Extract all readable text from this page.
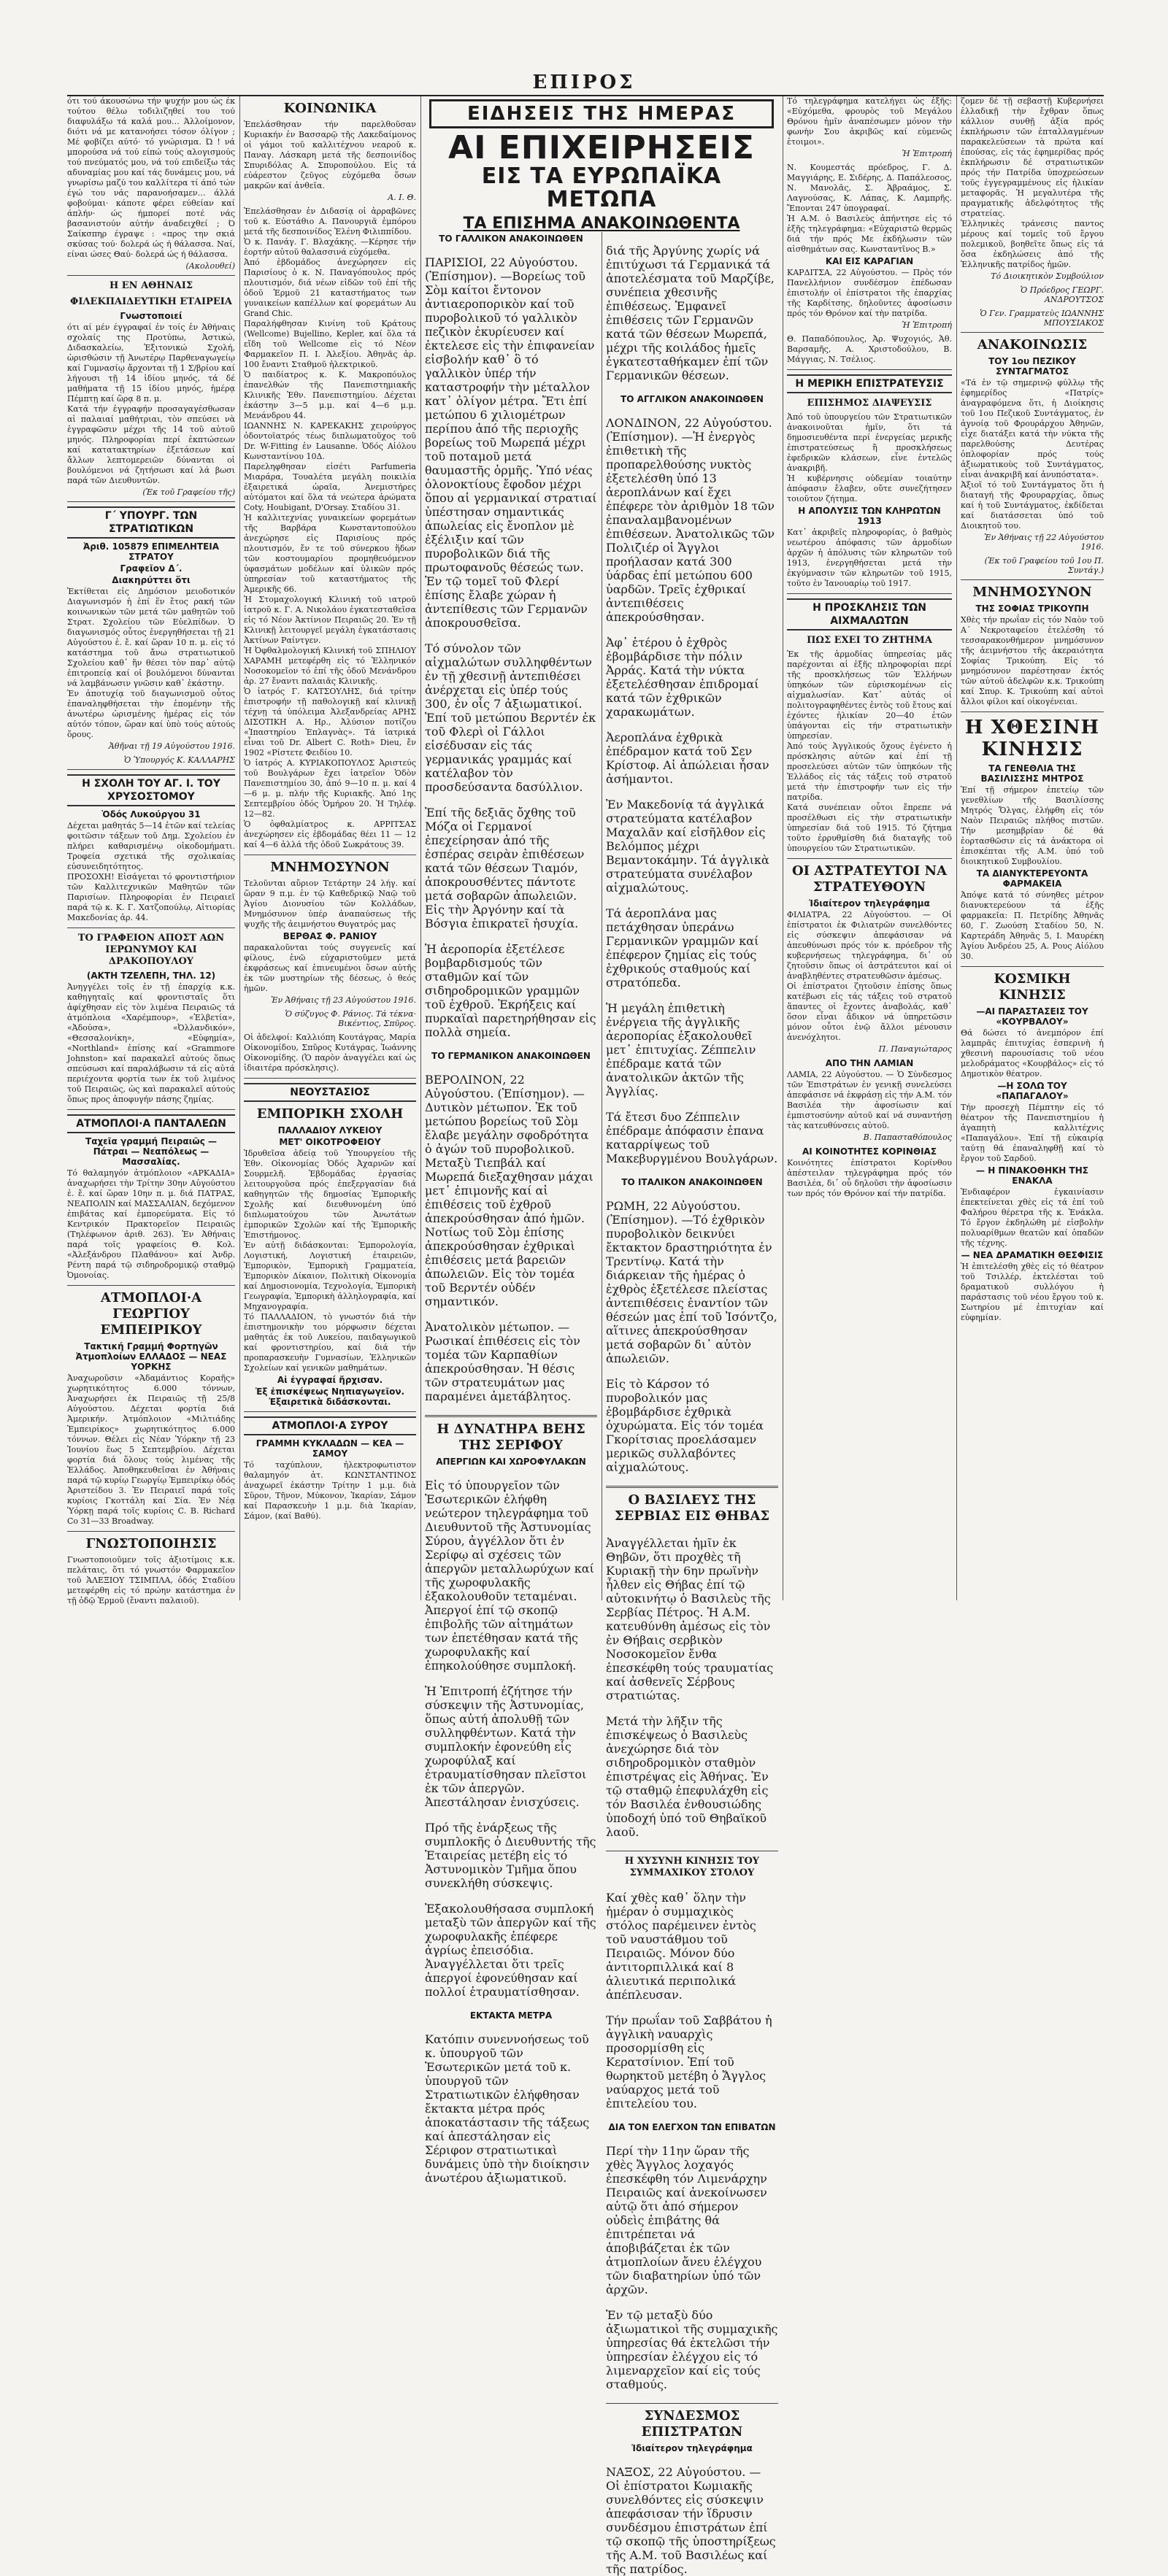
ΕΠΙΡΟΣ

ότι τού άκουσώνω τήν ψυχήν μου ώς έκ τούτου θέλω τοδιλιζηθεί του τού διαφυλάξω τά καλά μου… Άλλοίμονον, διότι νά με κατανοήσει τόσον όλίγον ; Μέ φοβίζει αύτό· τό γνώρισμα. Ώ ! νά μπορούσα νά τού είπώ τούς αλογισμούς τού πνεύματός μου, νά τού επιδείξω τάς αδυναμίας μου καί τάς δυνάμεις μου, νά γνωρίσω μαζύ του καλλίτερα τί άπό τών έγώ του νάς παρανοήσαμεν… άλλά φοβούμαι· κάποτε φέρει εύθείαν καί άπλήν· ώς ήμπορεί ποτέ νάς βασανιστούν αύτήν άναδειχθεί ; Ό Σαίκσπηρ έγραψε : «προς την σκιά σκύσας τού· δολερά ώς ή θάλασσα. Ναί, είναι ώσες Θαύ· δολερά ώς ή θάλασσα.

(Ακολουθεί)
Η ΕΝ ΑΘΗΝΑΙΣ
ΦΙΛΕΚΠΑΙΔΕΥΤΙΚΗ ΕΤΑΙΡΕΙΑ
Γνωστοποιεί

ότι αί μέν έγγραφαί ἐν τοίς ἐν Ἀθήναις σχολαίς της Προτύπω, Ἀστικώ, Διδασκαλείω, Ἐξιτονικώ Σχολή, ὡρισθώσιν τῇ Ἀνωτέρῳ Παρθεναγωγείῳ καί Γυμνασίῳ ἄρχονται τῇ 1 Σ/βρίου καί λήγουσι τῇ 14 ἰδίου μηνός, τά δέ μαθήματα τῇ 15 ἰδίου μηνός, ἡμέρᾳ Πέμπτῃ καί ὥρᾳ 8 π. μ.

Κατά τήν ἐγγραφήν προσαγαγέσθωσαν αἱ παλαιαί μαθήτριαι, τὸν σπεύσει νὰ ἐγγραφῶσιν μέχρι τῆς 14 τοῦ αὐτοῦ μηνός. Πληροφορίαι περί ἐκπτώσεων καί κατατακτηρίων ἐξετάσεων καί ἄλλων λεπτομερειῶν δύνανται οἱ βουλόμενοι νά ζητήσωσι καί λά βωσι παρά τῶν Διευθυντῶν.

(Ἐκ τοῦ Γραφείου τῆς)
Γ΄ ΥΠΟΥΡΓ. ΤΩΝ ΣΤΡΑΤΙΩΤΙΚΩΝ
Ἀριθ. 105879 ΕΠΙΜΕΛΗΤΕΙΑ ΣΤΡΑΤΟΥ
Γραφεῖον Δ΄.
Διακηρύττει ὅτι

Ἐκτίθεται εἰς Δημόσιον μειοδοτικόν Διαγωνισμόν ἡ ἐπί ἕν ἔτος ρακή τῶν κοινωνικών τῶν μετά τῶν μαθητῶν τοῦ Στρατ. Σχολείου τῶν Εὐελπίδων. Ὁ διαγωνισμός οὗτος ἐνεργηθήσεται τῇ 21 Αὐγούστου ἐ. ἔ. καί ὥραν 10 π. μ. εἰς τό κατάστημα τοῦ ἄνω στρατιωτικοῦ Σχολείου καθ᾽ ἥν θέσει τὸν παρ᾽ αὐτῷ ἐπιτροπείᾳ καί οἱ βουλόμενοι δύνανται νά λαμβάνωσιν γνῶσιν καθ᾽ ἑκάστην.

Ἐν ἀποτυχίᾳ τοῦ διαγωνισμοῦ οὗτος ἐπαναληφθήσεται τὴν ἐπομένην τῆς ἀνωτέρω ὡρισμένης ἡμέρας εἰς τόν αὐτόν τόπον, ὥραν καί ὑπὸ τούς αὐτούς ὅρους.

Ἀθῆναι τῇ 19 Αὐγούστου 1916.
Ὁ Ὑπουργός Κ. ΚΑΛΛΑΡΗΣ
Η ΣΧΟΛΗ ΤΟΥ ΑΓ. Ι. ΤΟΥ ΧΡΥΣΟΣΤΟΜΟΥ
Ὁδός Λυκούργου 31

Δέχεται μαθητάς 5—14 ἐτῶν καί τελείας φοιτῶσιν τάξεων τοῦ Δημ. Σχολείου ἐν πλήρει καθαρισμένῳ οἰκοδομήματι. Τροφεία σχετικά τῆς σχολικαίας εὐσυνειδητότητος.

ΠΡΟΣΟΧΗ! Εἰσάγεται τό φροντιστήριον τῶν Καλλιτεχνικῶν Μαθητῶν τῶν Παρισίων. Πληροφορίαι ἐν Πειραιεῖ παρά τῷ κ. Κ. Γ. Χατζοπούλῳ, Αἰτιορίας Μακεδονίας ἀρ. 44.

ΤΟ ΓΡΑΦΕΙΟΝ ΑΠΟΣΤ ΑΩΝ ΙΕΡΩΝΥΜΟΥ ΚΑΙ ΔΡΑΚΟΠΟΥΛΟΥ
(ΑΚΤΗ ΤΖΕΛΕΠΗ, ΤΗΛ. 12)

Ἀνηγγέλει τοῖς ἐν τῇ ἐπαρχίᾳ κ.κ. καθηγηταῖς καί φροντισταῖς ὅτι ἀφίχθησαν εἰς τὸν λιμένα Πειραιῶς τά ἀτμόπλοια «Χαρέμπουρ», «Ἐλβετία», «Ἀδούσα», «Ὀλλανδικόν», «Θεσσαλονίκη», «Εὐφημία», «Northland» ἐπίσης καί «Grammore Johnston» καί παρακαλεῖ αὐτούς ὅπως σπεύσωσι καί παραλάβωσιν τά εἰς αὐτά περιέχοντα φορτία των ἐκ τοῦ λιμένος τοῦ Πειραιῶς, ὡς καὶ παρακαλεῖ αὐτούς ὅπως προς ἀποφυγήν πάσης ζημίας.

ΑΤΜΟΠΛΟΙ·Α ΠΑΝΤΑΛΕΩΝ
Ταχεῖα γραμμή Πειραιῶς — Πάτραι — Νεαπόλεως — Μασσαλίας.

Τό θαλαμηγόν ἀτμόπλοιον «ΑΡΚΑΔΙΑ» ἀναχωρήσει τὴν Τρίτην 30ην Αὐγούστου ἐ. ἔ. καί ὥραν 10ην π. μ. διά ΠΑΤΡΑΣ, ΝΕΑΠΟΛΙΝ καί ΜΑΣΣΑΛΙΑΝ, δεχόμενον ἐπιβάτας καί ἐμπορεύματα. Εἰς τό Κεντρικόν Πρακτορεῖον Πειραιῶς (Τηλέφωνον ἀριθ. 263). Ἐν Ἀθήναις παρά τοῖς γραφείοις Θ. Κολ. «Ἀλεξάνδρου Πλαθάνου» καί Ἀνδρ. Ρέντη παρά τῷ σιδηροδρομικῷ σταθμῷ Ὀμονοίας.

ΑΤΜΟΠΛΟΙ·Α ΓΕΩΡΓΙΟΥ ΕΜΠΕΙΡΙΚΟΥ
Τακτική Γραμμή Φορτηγῶν Ἀτμοπλοίων ΕΛΛΑΔΟΣ — ΝΕΑΣ ΥΟΡΚΗΣ

Ἀναχωροῦσιν «Ἀδαμάντιος Κοραῆς» χωρητικότητος 6.000 τόννων, Ἀναχωρήσει ἐκ Πειραιῶς τῇ 25/8 Αὐγούστου. Δέχεται φορτία διά Ἀμερικήν. Ἀτμόπλοιον «Μιλτιάδης Ἐμπειρίκος» χωρητικότητος 6.000 τόννων. Θέλει εἰς Νέαν Ὑόρκην τῇ 23 Ἰουνίου ἕως 5 Σεπτεμβρίου. Δέχεται φορτία διά ὅλους τούς λιμένας τῆς Ἑλλάδος. Ἀποθηκευθεῖσαι ἐν Ἀθήναις παρά τῷ κυρίῳ Γεωργίῳ Ἐμπειρίκῳ ὁδός Ἀριστείδου 3. Ἐν Πειραιεῖ παρά τοῖς κυρίοις Γκοττάλη καί Σία. Ἐν Νέᾳ Ὑόρκῃ παρά τοῖς κυρίοις C. B. Richard Co 31—33 Broadway.

ΓΝΩΣΤΟΠΟΙΗΣΙΣ

Γνωστοποιοῦμεν τοῖς ἀξιοτίμοις κ.κ. πελάταις, ὅτι τό γνωστόν Φαρμακεῖον τοῦ ἉΛΕΞΙΟΥ ΤΣΙΜΠΛΑ, ὁδός Σταδίου μετεφέρθη εἰς τό πρώην κατάστημα ἐν τῇ ὁδῷ Ἑρμοῦ (ἔναντι παλαιοῦ).

ΚΟΙΝΩΝΙΚΑ

Ἐπελάσθησαν τήν παρελθοῦσαν Κυριακήν ἐν Βασσαρῷ τῆς Λακεδαίμονος οἱ γάμοι τοῦ καλλιτέχνου νεαροῦ κ. Παναγ. Λάσκαρη μετά τῆς δεσποινίδος Σπυριδόλας Α. Σπυροπούλου. Εἰς τά εὐάρεστον ζεῦγος εὐχόμεθα ὅσων μακρῶν καί ἀνθεῖα.

Α. Ι. Θ.

Ἐπελάσθησαν ἐν Διδασίᾳ οἱ ἀρραβῶνες τοῦ κ. Εὐστάθιο Α. Πανουργιᾶ ἐμπόρου μετά τῆς δεσποινίδος Ἑλένη Φιλιππίδου.

Ὁ κ. Πανάγ. Γ. Βλαχάκης. —Κέρησε τήν ἑορτήν αὐτοῦ θαλασσινά εὐχόμεθα.

Ἀπό ἑβδομάδος ἀνεχώρησεν εἰς Παρισίους ὁ κ. Ν. Παναγόπουλος πρός πλουτισμόν, διά νέων εἰδῶν τοῦ ἐπί τῆς ὁδοῦ Ἑρμοῦ 21 καταστήματος των γυναικείων καπέλλων καί φορεμάτων Au Grand Chic.

Παραλήφθησαν Κινίνη τοῦ Κράτους (Wellcome) Bujellino, Kepler, καί ὅλα τά εἴδη τοῦ Wellcome εἰς τό Νέον Φαρμακεῖον Π. Ι. Ἀλεξίου. Ἀθηνᾶς ἀρ. 100 ἔναντι Σταθμοῦ ἠλεκτρικοῦ.

Ὁ παιδίατρος κ. Κ. Μακροπόυλος ἐπανελθών τῆς Πανεπιστημιακῆς Κλινικῆς Ἐθν. Πανεπιστημίου. Δέχεται ἑκάστην 3—5 μ.μ. καί 4—6 μ.μ. Μενάνδρου 44.

ΙΩΑΝΝΗΣ Ν. ΚΑΡΕΚΑΚΗΣ χειρούργος ὀδοντοϊατρός τέως διπλωματοῦχος τοῦ Dr. W-Fitting ἐν Lausanne. Ὁδός Αἰόλου Κωνσταντίνου 10Δ.

Παρεληφθησαν εἰσέτι Parfumeria Μιαράρα, Τουαλέτα μεγάλη ποικιλία ἐξαιρετικά ὡραῖα, Ἀνεμιστήρες αὐτόματοι καί ὅλα τά νεώτερα ἀρώματα Coty, Houbigant, D'Orsay. Σταδίου 31.

Ἡ καλλιτεχνίας γυναικείων φορεμάτων τῆς Βαρβάρα Κωνσταντοπούλου ἀνεχώρησε εἰς Παρισίους πρός πλουτισμόν, ἔν τε τοῦ σύνερκου ἥδων τῶν κοστουμαρίου προμηθευόμενον ὑφασμάτων μοδέλων καί ὑλικῶν πρός ὑπηρεσίαν τοῦ καταστήματος τῆς Ἀμερικῆς 66.

Ἡ Στομαχολογική Κλινική τοῦ ιατροῦ ἰατροῦ κ. Γ. Α. Νικολάου ἐγκατεσταθεῖσα εἰς τό Νέον Ἀκτίνιον Πειραιῶς 20. Ἐν τῇ Κλινικῇ λειτουργεῖ μεγάλη ἐγκατάστασις Ἀκτίνων Ραίντγεν.

Ἡ Ὀφθαλμολογική Κλινική τοῦ ΣΠΗΛΙΟΥ ΧΑΡΑΜΗ μετεφέρθη εἰς τό Ἑλληνικόν Νοσοκομεῖον τό ἐπί τῆς ὁδοῦ Μενάνδρου ἀρ. 27 ἔναντι παλαιᾶς Κλινικῆς.

Ὁ ἰατρός Γ. ΚΑΤΣΟΥΛΗΣ, διά τρίτην ἐπιστροφήν τῇ παθολογικῇ καί κλινικῇ τέχνῃ τά ὑπόλειμα Ἀλεξανδρείας ΑΡΗΣ ΔΙΣΟΤΙΚΗ Α. Ηρ., Ἀλύσιον ποτίζου «Ἰπαστηρίου Ἐπλαγνὰς». Τά ἰατρικά εἶναι τοῦ Dr. Albert C. Roth» Dieu, ἔν 1902 «Ρίστετε Φειδίου 10.

Ὁ ἰατρός Α. ΚΥΡΙΑΚΟΠΟΥΛΟΣ Ἀριστεύς τοῦ Βουλγάρων ἔχει ἰατρεῖον Ὁδὸν Πανεπιστημίου 30, ἀπό 9—10 π. μ. καί 4—6 μ. μ. πλήν τῆς Κυριακῆς. Ἀπό 1ης Σεπτεμβρίου ὁδός Ὁμήρου 20. Ἡ Τηλέφ. 12—82.

Ὁ ὀφθαλμίατρος κ. ΑΡΡΙΤΣΑΣ ἀνεχώρησεν εἰς ἑβδομάδας θέει 11 — 12 καί 4—6 ἀλλά τῆς ὁδοῦ Σωκράτους 39.

ΜΝΗΜΟΣΥΝΟΝ

Τελοῦνται αὔριον Τετάρτην 24 λήγ. καί ὥραν 9 π.μ. ἐν τῷ Καθεδρικῷ Ναῷ τοῦ Ἀγίου Διονυσίου τῶν Κολλάδων, Μνημόσυνον ὑπέρ ἀναπαύσεως τῆς ψυχῆς τῆς ἀειμνήστου Θυγατρός μας

ΒΕΡΘΑΣ Φ. ΡΑΝΙΟΥ

παρακαλοῦνται τούς συγγενεῖς καί φίλους, ἐνῶ εὐχαριστοῦμεν μετά ἐκφράσεως καί ἐπινευμένοι ὅσων αὐτῆς ἐκ τῶν μυστηρίων τῆς δέσεως, ὁ θεός ἡμῶν.

Ἐν Ἀθήναις τῇ 23 Αὐγούστου 1916.
Ὁ σύζυγος Φ. Ράνιος. Τά τέκνα· Βικέντιος, Σπῦρος.

Οἱ ἀδελφοί: Καλλιόπη Κουτάγρας, Μαρία Οἰκονομίδου, Σπῦρος Κυτάγρας, Ἰωάννης Οἰκονομίδης. (Ὁ παρὸν ἀναγγέλει καί ὡς ἰδιαιτέρα πρόσκλησις).

ΝΕΟΥΣΤΑΣΙΟΣ
ΕΜΠΟΡΙΚΗ ΣΧΟΛΗ
ΠΑΛΛΑΔΙΟΥ ΛΥΚΕΙΟΥ
ΜΕΤ' ΟΙΚΟΤΡΟΦΕΙΟΥ

Ἱδρυθεῖσα ἀδείᾳ τοῦ Ὑπουργείου τῆς Ἐθν. Οἰκονομίας Ὁδός Ἀχαρνῶν καί Σουρμελῆ. Ἐβδομάδας ἐργασίας λειτουργοῦσα πρός ἐπεξεργασίαν διά καθηγητῶν τῆς δημοσίας Ἐμπορικῆς Σχολῆς καί διευθυνομένη ὑπό διπλωματούχου τῶν Ἀνωτάτων ἐμπορικῶν Σχολῶν καί τῆς Ἐμπορικῆς Ἐπιστήμονος.

Ἐν αὐτῇ διδάσκονται: Ἐμπορολογία, Λογιστική, Λογιστική ἐταιρειῶν, Ἐμπορικὸν, Ἐμπορικὴ Γραμματεία, Ἐμπορικὸν Δίκαιον, Πολιτικὴ Οἰκονομία καί Δημοσιονομία, Τεχνολογία, Ἐμπορικὴ Γεωγραφία, Ἐμπορικὴ ἀλληλογραφία, καί Μηχανογραφία.

Τό ΠΑΛΛΑΔΙΟΝ, τὸ γνωστόν διά τὴν ἐπιστημονικὴν του μόρφωσιν δέχεται μαθητάς ἐκ τοῦ Λυκείου, παιδαγωγικοῦ καί φροντιστηρίου, καί διά τήν προπαρασκευὴν Γυμνασίων, Ἐλληνικῶν Σχολείων καί γενικῶν μαθημάτων.

Αἱ ἐγγραφαί ἤρχισαν.
Ἐξ ἐπισκέψεως Νηπιαγωγεῖον. Ἐξαιρετικὰ διδάσκονται.
ΑΤΜΟΠΛΟΙ·Α ΣΥΡΟΥ
ΓΡΑΜΜΗ ΚΥΚΛΑΔΩΝ — ΚΕΑ — ΣΑΜΟΥ

Τό ταχύπλουν, ἠλεκτροφωτιστον θαλαμηγόν ἀτ. ΚΩΝΣΤΑΝΤΙΝΟΣ ἀναχωρεῖ ἑκάστην Τρίτην 1 μ.μ. διὰ Σῦρον, Τῆνον, Μύκονον, Ἰκαρίαν, Σάμον καί Παρασκευὴν 1 μ.μ. διὰ Ἰκαρίαν, Σάμον, (καί Βαθύ).

ΕΙΔΗΣΕΙΣ ΤΗΣ ΗΜΕΡΑΣ
ΑΙ ΕΠΙΧΕΙΡΗΣΕΙΣ
ΕΙΣ ΤΑ ΕΥΡΩΠΑΪΚΑ ΜΕΤΩΠΑ
ΤΑ ΕΠΙΣΗΜΑ ΑΝΑΚΟΙΝΩΘΕΝΤΑ
ΤΟ ΓΑΛΛΙΚΟΝ ΑΝΑΚΟΙΝΩΘΕΝ

ΠΑΡΙΣΙΟΙ, 22 Αὐγούστου. (Ἐπίσημον). —Βορείως τοῦ Σὸμ καίτοι ἔντονον ἀντιαεροπορικὸν καί τοῦ πυροβολικοῦ τό γαλλικὸν πεζικὸν ἐκυρίευσεν καί ἐκτελεσε εἰς τὴν ἐπιφανείαν εἰσβολήν καθ᾽ ὃ τό γαλλικὸν ὑπέρ τήν καταστροφήν τὴν μέταλλον κατ᾽ ὀλίγον μέτρα. Ἔτι ἐπί μετώπου 6 χιλιομέτρων περίπου ἀπό τῆς περιοχῆς βορείως τοῦ Μωρεπά μέχρι τοῦ ποταμοῦ μετά θαυμαστῆς ὁρμῆς. Ὑπό νέας ὁλονοκτίους ἔφοδον μέχρι ὅπου αἱ γερμανικαί στρατιαί ὑπέστησαν σημαντικάς ἀπωλείας εἰς ἔνοπλον μὲ ἐξέλιξιν καί τῶν πυροβολικῶν διά τῆς πρωτοφανοῦς θέσεώς των. Ἐν τῷ τομεῖ τοῦ Φλερί ἐπίσης ἔλαβε χώραν ἡ ἀντεπίθεσις τῶν Γερμανῶν ἀποκρουσθεῖσα.

Τό σύνολον τῶν αἰχμαλώτων συλληφθέντων ἐν τῇ χθεσινῇ ἀντεπιθέσει ἀνέρχεται εἰς ὑπέρ τούς 300, ἐν οἷς 7 ἀξιωματικοί. Ἐπί τοῦ μετώπου Βερντέν ἐκ τοῦ Φλερὶ οἱ Γάλλοι εἰσέδυσαν εἰς τάς γερμανικάς γραμμάς καί κατέλαβον τὸν προσδεύσαντα δασύλλιον.

Ἐπί τῆς δεξιᾶς ὄχθης τοῦ Μόζα οἱ Γερμανοί ἐπεχείρησαν ἀπό τῆς ἑσπέρας σειρὰν ἐπιθέσεων κατά τῶν θέσεων Τιαμόν, ἀποκρουσθέντες πάντοτε μετά σοβαρῶν ἀπωλειῶν. Εἰς τὴν Ἀργόνην καί τὰ Βόσγια ἐπικρατεῖ ἡσυχία.

Ἡ ἀεροπορία ἐξετέλεσε βομβαρδισμούς τῶν σταθμῶν καί τῶν σιδηροδρομικῶν γραμμῶν τοῦ ἐχθροῦ. Ἐκρήξεις καί πυρκαϊαὶ παρετηρήθησαν εἰς πολλὰ σημεία.

ΤΟ ΓΕΡΜΑΝΙΚΟΝ ΑΝΑΚΟΙΝΩΘΕΝ

ΒΕΡΟΛΙΝΟΝ, 22 Αὐγούστου. (Ἐπίσημον). —Δυτικὸν μέτωπον. Ἐκ τοῦ μετώπου βορείως τοῦ Σὸμ ἔλαβε μεγάλην σφοδρότητα ὁ ἀγών τοῦ πυροβολικοῦ. Μεταξὺ Τιεπβάλ καί Μωρεπά διεξαχθησαν μάχαι μετ᾽ ἐπιμονῆς καί αἱ ἐπιθέσεις τοῦ ἐχθροῦ ἀπεκρούσθησαν ἀπό ἡμῶν. Νοτίως τοῦ Σὸμ ἐπίσης ἀπεκρούσθησαν ἐχθρικαὶ ἐπιθέσεις μετά βαρειῶν ἀπωλειῶν. Εἰς τὸν τομέα τοῦ Βερντέν οὐδέν σημαντικόν.

Ἀνατολικὸν μέτωπον. — Ρωσικαί ἐπιθέσεις εἰς τὸν τομέα τῶν Καρπαθίων ἀπεκρούσθησαν. Ἡ θέσις τῶν στρατευμάτων μας παραμένει ἀμετάβλητος.

Η ΔΥΝΑΤΗΡΑ ΒΕΗΣ ΤΗΣ ΣΕΡΙΦΟΥ
ΑΠΕΡΓΙΩΝ ΚΑΙ ΧΩΡΟΦΥΛΑΚΩΝ

Εἰς τό ὑπουργεῖον τῶν Ἐσωτερικῶν ἐλήφθη νεώτερον τηλεγράφημα τοῦ Διευθυντοῦ τῆς Ἀστυνομίας Σύρου, ἀγγέλλον ὅτι ἐν Σερίφῳ αἱ σχέσεις τῶν ἀπεργῶν μεταλλωρύχων καί τῆς χωροφυλακῆς ἐξακολουθοῦν τεταμέναι. Ἀπεργοί ἐπί τῷ σκοπῷ ἐπιβολῆς τῶν αἰτημάτων των ἐπετέθησαν κατά τῆς χωροφυλακῆς καί ἐπηκολούθησε συμπλοκή.

Ἡ Ἐπιτροπή ἐζήτησε τήν σύσκεψιν τῆς Ἀστυνομίας, ὅπως αὐτή ἀπολυθῇ τῶν συλληφθέντων. Κατά τὴν συμπλοκήν ἐφονεύθη εἷς χωροφύλαξ καί ἐτραυματίσθησαν πλεῖστοι ἐκ τῶν ἀπεργῶν. Ἀπεστάλησαν ἐνισχύσεις.

Πρό τῆς ἐνάρξεως τῆς συμπλοκῆς ὁ Διευθυντής τῆς Ἐταιρείας μετέβη εἰς τό Ἀστυνομικὸν Τμῆμα ὅπου συνεκλήθη σύσκεψις.

Ἐξακολουθήσασα συμπλοκή μεταξὺ τῶν ἀπεργῶν καί τῆς χωροφυλακῆς ἐπέφερε ἀγρίως ἐπεισόδια. Ἀναγγέλλεται ὅτι τρεῖς ἀπεργοί ἐφονεύθησαν καί πολλοί ἐτραυματίσθησαν.

ΕΚΤΑΚΤΑ ΜΕΤΡΑ

Κατόπιν συνεννοήσεως τοῦ κ. ὑπουργοῦ τῶν Ἐσωτερικῶν μετά τοῦ κ. ὑπουργοῦ τῶν Στρατιωτικῶν ἐλήφθησαν ἔκτακτα μέτρα πρός ἀποκατάστασιν τῆς τάξεως καί ἀπεστάλησαν εἰς Σέριφον στρατιωτικαὶ δυνάμεις ὑπὸ τὴν διοίκησιν ἀνωτέρου ἀξιωματικοῦ.

διά τῆς Ἀργύνης χωρίς νά ἐπιτύχωσι τά Γερμανικά τά ἀποτελέσματα τοῦ Μαρζίβε, συνέπεια χθεσινῆς ἐπιθέσεως. Ἐμφανεῖ ἐπιθέσεις τῶν Γερμανῶν κατά τῶν θέσεων Μωρεπά, μέχρι τῆς κοιλάδος ἡμεῖς ἐγκατεσταθήκαμεν ἐπί τῶν Γερμανικῶν θέσεων.

ΤΟ ΑΓΓΛΙΚΟΝ ΑΝΑΚΟΙΝΩΘΕΝ

ΛΟΝΔΙΝΟΝ, 22 Αὐγούστου. (Ἐπίσημον). —Ἡ ἐνεργὸς ἐπιθετικὴ τῆς προπαρελθούσης νυκτὸς ἐξετελέσθη ὑπό 13 ἀεροπλάνων καί ἔχει ἐπέφερε τὸν ἀριθμὸν 18 τῶν ἐπαναλαμβανομένων ἐπιθέσεων. Ἀνατολικῶς τῶν Πολιζιέρ οἱ Ἄγγλοι προήλασαν κατά 300 ὑάρδας ἐπί μετώπου 600 ὑαρδῶν. Τρεῖς ἐχθρικαί ἀντεπιθέσεις ἀπεκρούσθησαν.

Ἀφ᾽ ἑτέρου ὁ ἐχθρὸς ἐβομβάρδισε τὴν πόλιν Ἀρράς. Κατά τὴν νύκτα ἐξετελέσθησαν ἐπιδρομαί κατά τῶν ἐχθρικῶν χαρακωμάτων.

Ἀεροπλάνα ἐχθρικὰ ἐπέδραμον κατά τοῦ Σεν Κρίστοφ. Αἱ ἀπώλειαι ἦσαν ἀσήμαντοι.

Ἐν Μακεδονίᾳ τά ἀγγλικά στρατεύματα κατέλαβον Μαχαλᾶν καί εἰσῆλθον εἰς Βελόμπος μέχρι Βεμαντοκάμην. Τά ἀγγλικὰ στρατεύματα συνέλαβον αἰχμαλώτους.

Τά ἀεροπλάνα μας πετάχθησαν ὑπεράνω Γερμανικῶν γραμμῶν καί ἐπέφερον ζημίας εἰς τούς ἐχθρικούς σταθμούς καί στρατόπεδα.

Ἡ μεγάλη ἐπιθετικὴ ἐνέργεια τῆς ἀγγλικῆς ἀεροπορίας ἐξακολουθεῖ μετ᾽ ἐπιτυχίας. Ζέππελιν ἐπέδραμε κατά τῶν ἀνατολικῶν ἀκτῶν τῆς Ἀγγλίας.

Τά ἔτεσι δυο Ζέππελιν ἐπέδραμε ἀπόφασιν ἐπανα καταρρίψεως τοῦ Μακεβυργμένου Βουλγάρων.

ΤΟ ΙΤΑΛΙΚΟΝ ΑΝΑΚΟΙΝΩΘΕΝ

ΡΩΜΗ, 22 Αὐγούστου. (Ἐπίσημον). —Τό ἐχθρικὸν πυροβολικὸν δεικνύει ἔκτακτον δραστηριότητα ἐν Τρεντίνῳ. Κατά τὴν διάρκειαν τῆς ἡμέρας ὁ ἐχθρὸς ἐξετέλεσε πλείστας ἀντεπιθέσεις ἐναντίον τῶν θέσεών μας ἐπί τοῦ Ἰσόντζο, αἵτινες ἀπεκρούσθησαν μετά σοβαρῶν δι᾽ αὐτὸν ἀπωλειῶν.

Εἰς τὸ Κάρσον τό πυροβολικόν μας ἐβομβάρδισε ἐχθρικὰ ὀχυρώματα. Εἰς τόν τομέα Γκορίτσιας προελάσαμεν μερικῶς συλλαβόντες αἰχμαλώτους.

Ο ΒΑΣΙΛΕΥΣ ΤΗΣ ΣΕΡΒΙΑΣ ΕΙΣ ΘΗΒΑΣ

Ἀναγγέλλεται ἡμῖν ἐκ Θηβῶν, ὅτι προχθὲς τῆ Κυριακῇ τὴν 6ην πρωϊνὴν ἦλθεν εἰς Θήβας ἐπί τῷ αὐτοκινήτῳ ὁ Βασιλεὺς τῆς Σερβίας Πέτρος. Ἡ Α.Μ. κατευθύνθη ἀμέσως εἰς τὸν ἐν Θήβαις σερβικὸν Νοσοκομεῖον ἔνθα ἐπεσκέφθη τούς τραυματίας καί ἀσθενεῖς Σέρβους στρατιώτας.

Μετά τὴν λῆξιν τῆς ἐπισκέψεως ὁ Βασιλεὺς ἀνεχώρησε διά τὸν σιδηροδρομικὸν σταθμὸν ἐπιστρέψας εἰς Ἀθήνας. Ἐν τῷ σταθμῷ ἐπεφυλάχθη εἰς τόν Βασιλέα ἐνθουσιώδης ὑποδοχή ὑπό τοῦ Θηβαϊκοῦ λαοῦ.

Η ΧΥΣΥΝΗ ΚΙΝΗΣΙΣ ΤΟΥ ΣΥΜΜΑΧΙΚΟΥ ΣΤΟΛΟΥ

Καί χθὲς καθ᾽ ὅλην τὴν ἡμέραν ὁ συμμαχικὸς στόλος παρέμεινεν ἐντὸς τοῦ ναυστάθμου τοῦ Πειραιῶς. Μόνον δύο ἀντιτορπιλλικά καί 8 ἀλιευτικά περιπολικά ἀπέπλευσαν.

Τήν πρωΐαν τοῦ Σαββάτου ἡ ἀγγλικὴ ναυαρχὶς προσορμίσθη εἰς Κερατσίνιον. Ἐπί τοῦ θωρηκτοῦ μετέβη ὁ Ἄγγλος ναύαρχος μετά τοῦ ἐπιτελείου του.

ΔΙΑ ΤΟΝ ΕΛΕΓΧΟΝ ΤΩΝ ΕΠΙΒΑΤΩΝ

Περί τὴν 11ην ὥραν τῆς χθὲς Ἄγγλος λοχαγός ἐπεσκέφθη τόν Λιμενάρχην Πειραιῶς καί ἀνεκοίνωσεν αὐτῷ ὅτι ἀπό σήμερον οὐδεὶς ἐπιβάτης θά ἐπιτρέπεται νά ἀποβιβάζεται ἐκ τῶν ἀτμοπλοίων ἄνευ ἐλέγχου τῶν διαβατηρίων ὑπό τῶν ἀρχῶν.

Ἐν τῷ μεταξὺ δύο ἀξιωματικοὶ τῆς συμμαχικῆς ὑπηρεσίας θά ἐκτελῶσι τήν ὑπηρεσίαν ἐλέγχου εἰς τό λιμεναρχεῖον καί εἰς τούς σταθμούς.

ΣΥΝΔΕΣΜΟΣ ΕΠΙΣΤΡΑΤΩΝ
Ἰδιαίτερον τηλεγράφημα

ΝΑΞΟΣ, 22 Αὐγούστου. — Οἱ ἐπίστρατοι Κωμιακῆς συνελθόντες εἰς σύσκεψιν ἀπεφάσισαν τήν ἵδρυσιν συνδέσμου ἐπιστράτων ἐπί τῷ σκοπῷ τῆς ὑποστηρίξεως τῆς Α.Μ. τοῦ Βασιλέως καί τῆς πατρίδος.

Τό τηλεγράφημα κατελήγει ὡς ἑξῆς: «Εὐχόμεθα, φρουρὸς τοῦ Μεγάλου Θρόνου ἡμῖν ἀναπέσωμεν μόνον τὴν φωνὴν Σου ἀκριβῶς καί εὐμενῶς ἑτοιμοι».

Ἡ Ἐπιτροπή

Ν. Κουμεστάς πρόεδρος, Γ. Δ. Μαγγιάρης, Ε. Σιδέρης, Δ. Παπάλεοσος, Ν. Μανολᾶς, Σ. Ἀβραάμος, Σ. Λαγνούσας, Κ. Λάπας, Κ. Λαμπρῆς. Ἔπονται 247 ὑπογραφαί.

Ἡ Α.Μ. ὁ Βασιλεὺς ἀπήντησε εἰς τό ἑξῆς τηλεγράφημα: «Εὐχαριστῶ θερμῶς διά τήν πρός Με ἐκδήλωσιν τῶν αἰσθημάτων σας. Κωνσταντῖνος Β.»

ΚΑΙ ΕΙΣ ΚΑΡΑΓΙΑΝ

ΚΑΡΔΙΤΣΑ, 22 Αὐγούστου. — Πρὸς τόν Πανελλήνιον συνδέσμον ἐπέδωσαν ἐπιστολήν οἱ ἐπίστρατοι τῆς ἐπαρχίας τῆς Καρδίτσης, δηλοῦντες ἀφοσίωσιν πρός τόν Θρόνον καί τὴν πατρίδα.

Ἡ Ἐπιτροπή

Θ. Παπαδόπουλος, Ἀρ. Ψυχογιός, Ἀθ. Βαρσαμῆς, Α. Χριστοδούλου, Β. Μάγγιας, Ν. Τσέλιος.

Η ΜΕΡΙΚΗ ΕΠΙΣΤΡΑΤΕΥΣΙΣ
ΕΠΙΣΗΜΟΣ ΔΙΑΨΕΥΣΙΣ

Ἀπό τοῦ ὑπουργείου τῶν Στρατιωτικῶν ἀνακοινοῦται ἡμῖν, ὅτι τά δημοσιευθέντα περί ἐνεργείας μερικῆς ἐπιστρατεύσεως ἢ προσκλήσεως ἐφεδρικῶν κλάσεων, εἶνε ἐντελῶς ἀνακριβῆ.

Ἡ κυβέρνησις οὐδεμίαν τοιαύτην ἀπόφασιν ἔλαβεν, οὔτε συνεζήτησεν τοιοῦτον ζήτημα.

Η ΑΠΟΛΥΣΙΣ ΤΩΝ ΚΛΗΡΩΤΩΝ 1913

Κατ᾽ ἀκριβεῖς πληροφορίας, ὁ βαθμὸς νεωτέρου ἀπόφασις τῶν ἀρμοδίων ἀρχῶν ἡ ἀπόλυσις τῶν κληρωτῶν τοῦ 1913, ἐνεργηθήσεται μετά τὴν ἐκγύμνασιν τῶν κληρωτῶν τοῦ 1915, τοῦτο ἐν Ἰανουαρίῳ τοῦ 1917.

Η ΠΡΟΣΚΛΗΣΙΣ ΤΩΝ ΑΙΧΜΑΛΩΤΩΝ
ΠΩΣ ΕΧΕΙ ΤΟ ΖΗΤΗΜΑ

Ἐκ τῆς ἀρμοδίας ὑπηρεσίας μᾶς παρέχονται αἱ ἑξῆς πληροφορίαι περί τῆς προσκλήσεως τῶν Ἑλλήνων ὑπηκόων τῶν εὑρισκομένων εἰς αἰχμαλωσίαν. Κατ᾽ αὐτάς οἱ πολιτογραφηθέντες ἐντὸς τοῦ ἔτους καί ἐχόντες ἡλικίαν 20—40 ἐτῶν ὑπάγονται εἰς τήν στρατιωτικὴν ὑπηρεσίαν.

Ἀπό τούς Ἀγγλικούς ὄχους ἐγένετο ἡ πρόσκλησις αὐτῶν καί ἐπί τῇ προσελεύσει αὐτῶν τῶν ὑπηκόων τῆς Ἑλλάδος εἰς τάς τάξεις τοῦ στρατοῦ μετά τὴν ἐπιστροφήν των εἰς τήν πατρίδα.

Κατά συνέπειαν οὗτοι ἔπρεπε νά προσέλθωσι εἰς τὴν στρατιωτικὴν ὑπηρεσίαν διά τοῦ 1915. Τό ζήτημα τοῦτο ἐρρυθμίσθη διά διαταγῆς τοῦ ὑπουργείου τῶν Στρατιωτικῶν.

ΟΙ ΑΣΤΡΑΤΕΥΤΟΙ ΝΑ ΣΤΡΑΤΕΥΘΟΥΝ
Ἰδιαίτερον τηλεγράφημα

ΦΙΛΙΑΤΡΑ, 22 Αὐγούστου. — Οἱ ἐπίστρατοι ἐκ Φιλιατρῶν συνελθόντες εἰς σύσκεψιν ἀπεφάσισαν νά ἀπευθύνωσι πρός τόν κ. πρόεδρον τῆς κυβερνήσεως τηλεγράφημα, δι᾽ οὗ ζητοῦσιν ὅπως οἱ ἀστράτευτοι καί οἱ ἀναβληθέντες στρατευθῶσιν ἀμέσως.

Οἱ ἐπίστρατοι ζητοῦσιν ἐπίσης ὅπως κατέβωσι εἰς τάς τάξεις τοῦ στρατοῦ ἅπαντες οἱ ἔχοντες ἀναβολάς, καθ᾽ ὅσον εἶναι ἄδικον νά ὑπηρετῶσιν μόνον οὗτοι ἐνῷ ἄλλοι μένουσιν ἀνενόχλητοι.

Π. Παναγιώταρος
ΑΠΟ ΤΗΝ ΛΑΜΙΑΝ

ΛΑΜΙΑ, 22 Αὐγούστου. — Ὁ Σύνδεσμος τῶν Ἐπιστράτων ἐν γενικῇ συνελεύσει ἀπεφάσισε νά ἐκφράσῃ εἰς τήν Α.Μ. τόν Βασιλέα τὴν ἀφοσίωσιν καί ἐμπιστοσύνην αὐτοῦ καί νά συναντήσῃ τὰς κατευθύνσεις αὐτοῦ.

Β. Παπασταθόπουλος
ΑΙ ΚΟΙΝΟΤΗΤΕΣ ΚΟΡΙΝΘΙΑΣ

Κοινότητες ἐπίστρατοι Κορίνθου ἀπέστειλαν τηλεγράφημα πρός τόν Βασιλέα, δι᾽ οὗ δηλοῦσι τὴν ἀφοσίωσιν των πρός τόν Θρόνον καί τήν πατρίδα.

ζομεν δέ τῇ σεβαστῇ Κυβερνήσει ἐλλαδικῇ τὴν ἔχθραν ὅπως κάλλιον συνθῇ ἀξία πρός ἐκπλήρωσιν τῶν ἑπταλλαγμένων παρακελεύσεων τὰ πρώτα καί ἐπούσας, εἰς τάς ἐφημερίδας πρός ἐκπλήρωσιν δέ στρατιωτικῶν πρός τήν Πατρίδα ὑποχρεώσεων τοῦς ἐγγεγραμμένους εἰς ἡλικίαν μεταφορᾶς. Ἡ μεγαλυτέρα τῆς πραγματικῆς ἀδελφότητος τῆς στρατείας.

Ἑλληνικὲς τράνεσις παντος μέρους καί τομεῖς τοῦ ἔργου πολεμικοῦ, βοηθεῖτε ὅπως εἰς τά ὅσα ἐκδηλώσεις ἀπό τῆς Ἑλληνικῆς πατρίδος ἡμῶν.

Τό Διοικητικὸν Συμβούλιον
Ὁ Πρόεδρος ΓΕΩΡΓ. ΑΝΔΡΟΥΤΣΟΣ
Ὁ Γεν. Γραμματεὺς ΙΩΑΝΝΗΣ ΜΠΟΥΣΙΑΚΟΣ
ΑΝΑΚΟΙΝΩΣΙΣ
ΤΟΥ 1ου ΠΕΖΙΚΟΥ ΣΥΝΤΑΓΜΑΤΟΣ

«Τά ἐν τῷ σημερινῷ φύλλῳ τῆς ἐφημερίδος «Πατρίς» ἀναγραφόμενα ὅτι, ἡ Διοίκησις τοῦ 1ου Πεζικοῦ Συντάγματος, ἐν ἀγνοίᾳ τοῦ Φρουράρχου Ἀθηνῶν, εἶχε διατάξει κατά τὴν νύκτα τῆς παρελθούσης Δευτέρας ὁπλοφορίαν πρός τούς ἀξιωματικοὺς τοῦ Συντάγματος, εἶναι ἀνακριβῆ καί ἀνυπόστατα».

Ἀξιοῖ τό τοῦ Συντάγματος ὅτι ἡ διαταγή τῆς Φρουραρχίας, ὅπως καί ἡ τοῦ Συντάγματος, ἐκδίδεται καί διατάσσεται ὑπό τοῦ Διοικητοῦ του.

Ἐν Ἀθήναις τῇ 22 Αὐγούστου 1916.
(Ἐκ τοῦ Γραφείου τοῦ 1ου Π. Συντάγ.)
ΜΝΗΜΟΣΥΝΟΝ
ΤΗΣ ΣΟΦΙΑΣ ΤΡΙΚΟΥΠΗ

Χθὲς τήν πρωΐαν εἰς τόν Ναὸν τοῦ Α΄ Νεκροταφείου ἐτελέσθη τό τεσσαρακονθήμερον μνημόσυνον τῆς ἀειμνήστου τῆς ἀκεραιότητα Σοφίας Τρικούπη. Εἰς τό μνημόσυνον παρέστησαν ἐκτός τῶν αὐτοῦ ἀδελφῶν κ.κ. Τρικούπη καί Σπυρ. Κ. Τρικούπη καί αὐτοὶ ἄλλοι φίλοι καί οἰκογένειαι.

Η ΧΘΕΣΙΝΗ ΚΙΝΗΣΙΣ
ΤΑ ΓΕΝΕΘΛΙΑ ΤΗΣ ΒΑΣΙΛΙΣΣΗΣ ΜΗΤΡΟΣ

Ἐπί τῇ σήμερον ἐπετείῳ τῶν γενεθλίων τῆς Βασιλίσσης Μητρός Ὄλγας, ἐλήφθη εἰς τόν Ναὸν Πειραιῶς πλήθος πιστῶν. Τήν μεσημβρίαν δέ θά ἐορτασθῶσιν εἰς τά ἀνάκτορα οἱ ἐπισκέπται τῆς Α.Μ. ὑπό τοῦ διοικητικοῦ Συμβουλίου.

ΤΑ ΔΙΑΝΥΚΤΕΡΕΥΟΝΤΑ ΦΑΡΜΑΚΕΙΑ

Ἀπόψε κατά τό σύνηθες μέτρον διανυκτερεύουν τά ἑξῆς φαρμακεῖα: Π. Πετρίδης Ἀθηνᾶς 60, Γ. Ζωούση Σταδίου 50, Ν. Καρτεράδη Ἀθηνᾶς 5, Ι. Μαυρέκη Ἀγίου Ἀνδρέου 25, Α. Ρους Αἰόλου 30.

ΚΟΣΜΙΚΗ ΚΙΝΗΣΙΣ
—ΑΙ ΠΑΡΑΣΤΑΣΕΙΣ ΤΟΥ «ΚΟΥΡΒΑΛΟΥ»

Θά δώσει τό ἀνεμπόρον ἐπί λαμπρᾶς ἐπιτυχίας ἑσπερινὴ ἡ χθεσινὴ παρουσίασις τοῦ νέου μελοδράματος «Κουρβάλος» εἰς τό Δημοτικὸν θέατρον.

—Η ΣΟΛΩ ΤΟΥ «ΠΑΠΑΓΑΛΟΥ»

Τήν προσεχὴ Πέμπτην εἰς τό θέατρον τῆς Πανεπιστημίου ἡ ἀγαπητὴ καλλιτέχνις «Παπαγάλου». Ἐπί τῇ εὐκαιρίᾳ ταύτῃ θά ἐπαναληφθῇ καί τὸ ἔργον τοῦ Σαρδοῦ.

— Η ΠΙΝΑΚΟΘΗΚΗ ΤΗΣ ΕΝΑΚΛΑ

Ἐνδιαφέρον ἐγκαινίασιν ἐπεκτείνεται χθὲς εἰς τά ἐπί τοῦ Φαλήρου θέρετρα τῆς κ. Ἐνάκλα. Τό ἔργον ἐκδηλώθη μέ εἰσβολὴν πολυαρίθμων θεατῶν καί ὀπαδῶν τῆς τέχνης.

— ΝΕΑ ΔΡΑΜΑΤΙΚΗ ΘΕΣΦΙΣΙΣ

Ἡ ἐπιτελέσθη χθὲς εἰς τό θέατρον τοῦ Τσιλλέρ, ἐκτελέσται τοῦ δραματικοῦ συλλόγου ἡ παράστασις τοῦ νέου ἔργου τοῦ κ. Σωτηρίου μέ ἐπιτυχίαν καί εὐφημίαν.
